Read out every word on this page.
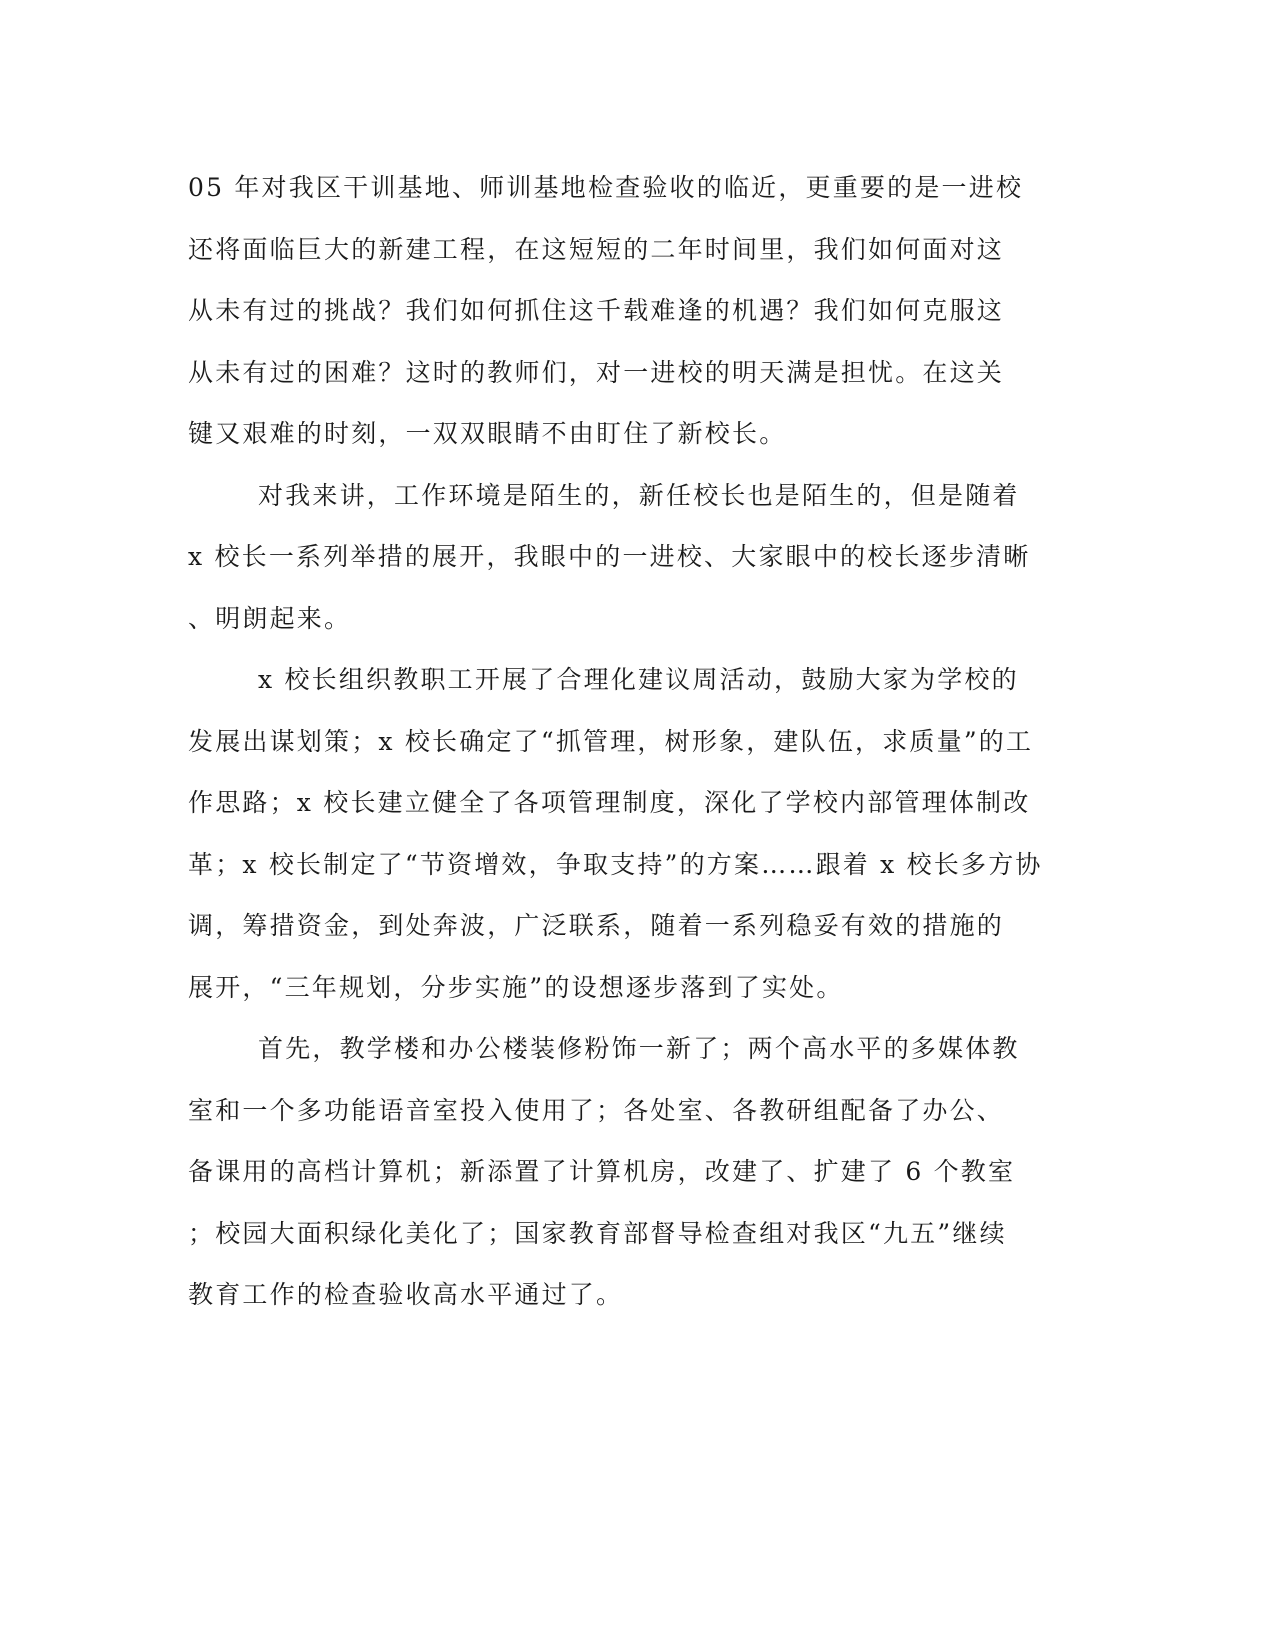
05 年对我区干训基地、师训基地检查验收的临近，更重要的是一进校
还将面临巨大的新建工程，在这短短的二年时间里，我们如何面对这
从未有过的挑战？我们如何抓住这千载难逢的机遇？我们如何克服这
从未有过的困难？这时的教师们，对一进校的明天满是担忧。在这关
键又艰难的时刻，一双双眼睛不由盯住了新校长。
对我来讲，工作环境是陌生的，新任校长也是陌生的，但是随着
x 校长一系列举措的展开，我眼中的一进校、大家眼中的校长逐步清晰
、明朗起来。
x 校长组织教职工开展了合理化建议周活动，鼓励大家为学校的
发展出谋划策；x 校长确定了“抓管理，树形象，建队伍，求质量”的工
作思路；x 校长建立健全了各项管理制度，深化了学校内部管理体制改
革；x 校长制定了“节资增效，争取支持”的方案……跟着 x 校长多方协
调，筹措资金，到处奔波，广泛联系，随着一系列稳妥有效的措施的
展开，“三年规划，分步实施”的设想逐步落到了实处。
首先，教学楼和办公楼装修粉饰一新了；两个高水平的多媒体教
室和一个多功能语音室投入使用了；各处室、各教研组配备了办公、
备课用的高档计算机；新添置了计算机房，改建了、扩建了 6 个教室
；校园大面积绿化美化了；国家教育部督导检查组对我区“九五”继续
教育工作的检查验收高水平通过了。
